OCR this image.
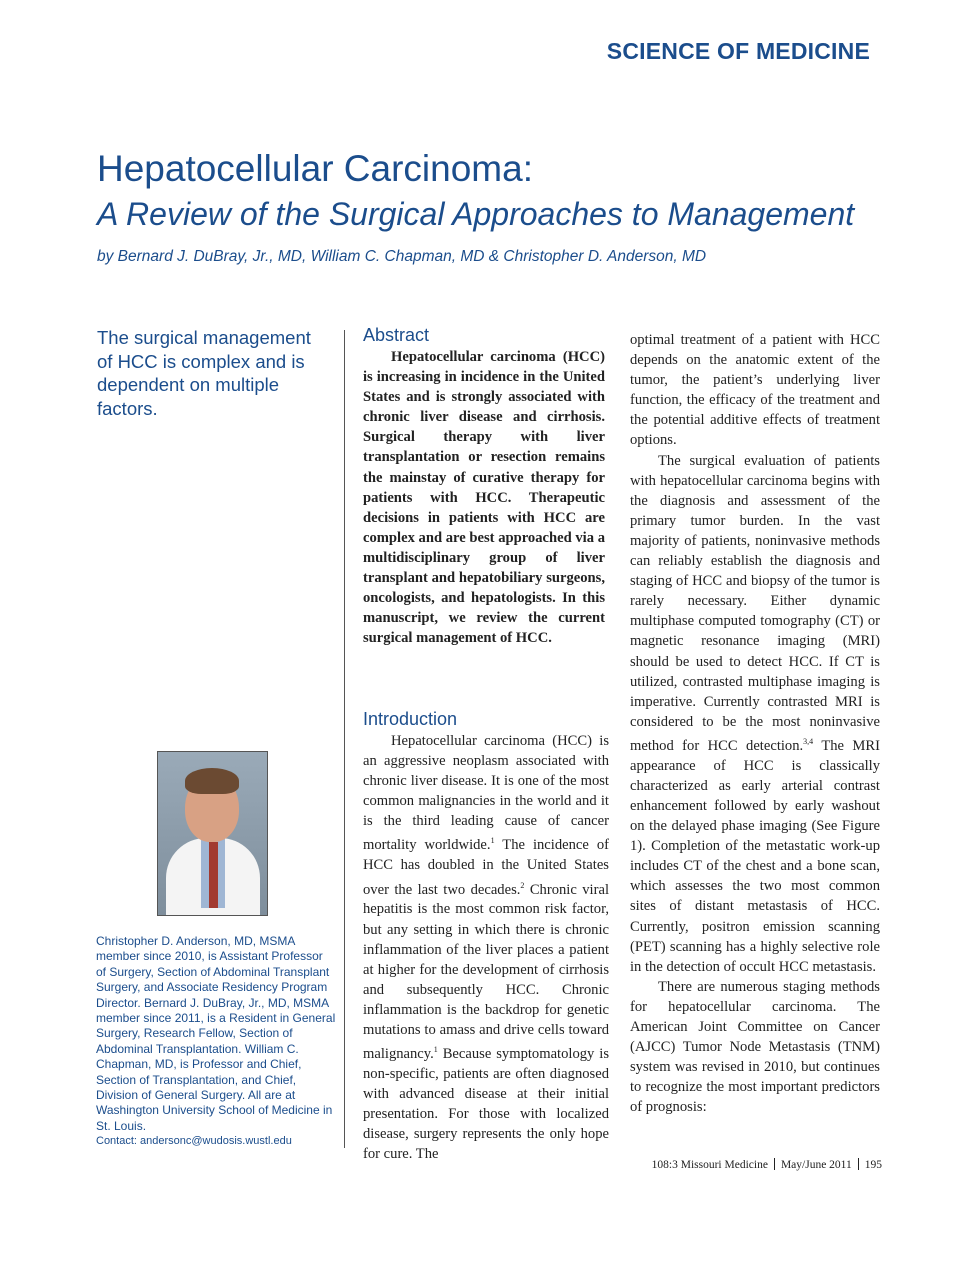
SCIENCE OF MEDICINE
Hepatocellular Carcinoma:
A Review of the Surgical Approaches to Management
by Bernard J. DuBray, Jr., MD, William C. Chapman, MD & Christopher D. Anderson, MD
The surgical management of HCC is complex and is dependent on multiple factors.
Christopher D. Anderson, MD, MSMA member since 2010, is Assistant Professor of Surgery, Section of Abdominal Transplant Surgery, and Associate Residency Program Director. Bernard J. DuBray, Jr., MD, MSMA member since 2011, is a Resident in General Surgery, Research Fellow, Section of Abdominal Transplantation. William C. Chapman, MD, is Professor and Chief, Section of Transplantation, and Chief, Division of General Surgery. All are at Washington University School of Medicine in St. Louis.
Contact: andersonc@wudosis.wustl.edu
Abstract

Hepatocellular carcinoma (HCC) is increasing in incidence in the United States and is strongly associated with chronic liver disease and cirrhosis. Surgical therapy with liver transplantation or resection remains the mainstay of curative therapy for patients with HCC. Therapeutic decisions in patients with HCC are complex and are best approached via a multidisciplinary group of liver transplant and hepatobiliary surgeons, oncologists, and hepatologists. In this manuscript, we review the current surgical management of HCC.

Introduction

Hepatocellular carcinoma (HCC) is an aggressive neoplasm associated with chronic liver disease. It is one of the most common malignancies in the world and it is the third leading cause of cancer mortality worldwide.$^1$ The incidence of HCC has doubled in the United States over the last two decades.$^2$ Chronic viral hepatitis is the most common risk factor, but any setting in which there is chronic inflammation of the liver places a patient at higher for the development of cirrhosis and subsequently HCC. Chronic inflammation is the backdrop for genetic mutations to amass and drive cells toward malignancy.$^1$ Because symptomatology is non-specific, patients are often diagnosed with advanced disease at their initial presentation. For those with localized disease, surgery represents the only hope for cure. The

optimal treatment of a patient with HCC depends on the anatomic extent of the tumor, the patient’s underlying liver function, the efficacy of the treatment and the potential additive effects of treatment options.

The surgical evaluation of patients with hepatocellular carcinoma begins with the diagnosis and assessment of the primary tumor burden. In the vast majority of patients, noninvasive methods can reliably establish the diagnosis and staging of HCC and biopsy of the tumor is rarely necessary. Either dynamic multiphase computed tomography (CT) or magnetic resonance imaging (MRI) should be used to detect HCC. If CT is utilized, contrasted multiphase imaging is imperative. Currently contrasted MRI is considered to be the most noninvasive method for HCC detection.$^{3,4}$ The MRI appearance of HCC is classically characterized as early arterial contrast enhancement followed by early washout on the delayed phase imaging (See Figure 1). Completion of the metastatic work-up includes CT of the chest and a bone scan, which assesses the two most common sites of distant metastasis of HCC. Currently, positron emission scanning (PET) scanning has a highly selective role in the detection of occult HCC metastasis.

There are numerous staging methods for hepatocellular carcinoma. The American Joint Committee on Cancer (AJCC) Tumor Node Metastasis (TNM) system was revised in 2010, but continues to recognize the most important predictors of prognosis:

108:3 Missouri Medicine May/June 2011 195
